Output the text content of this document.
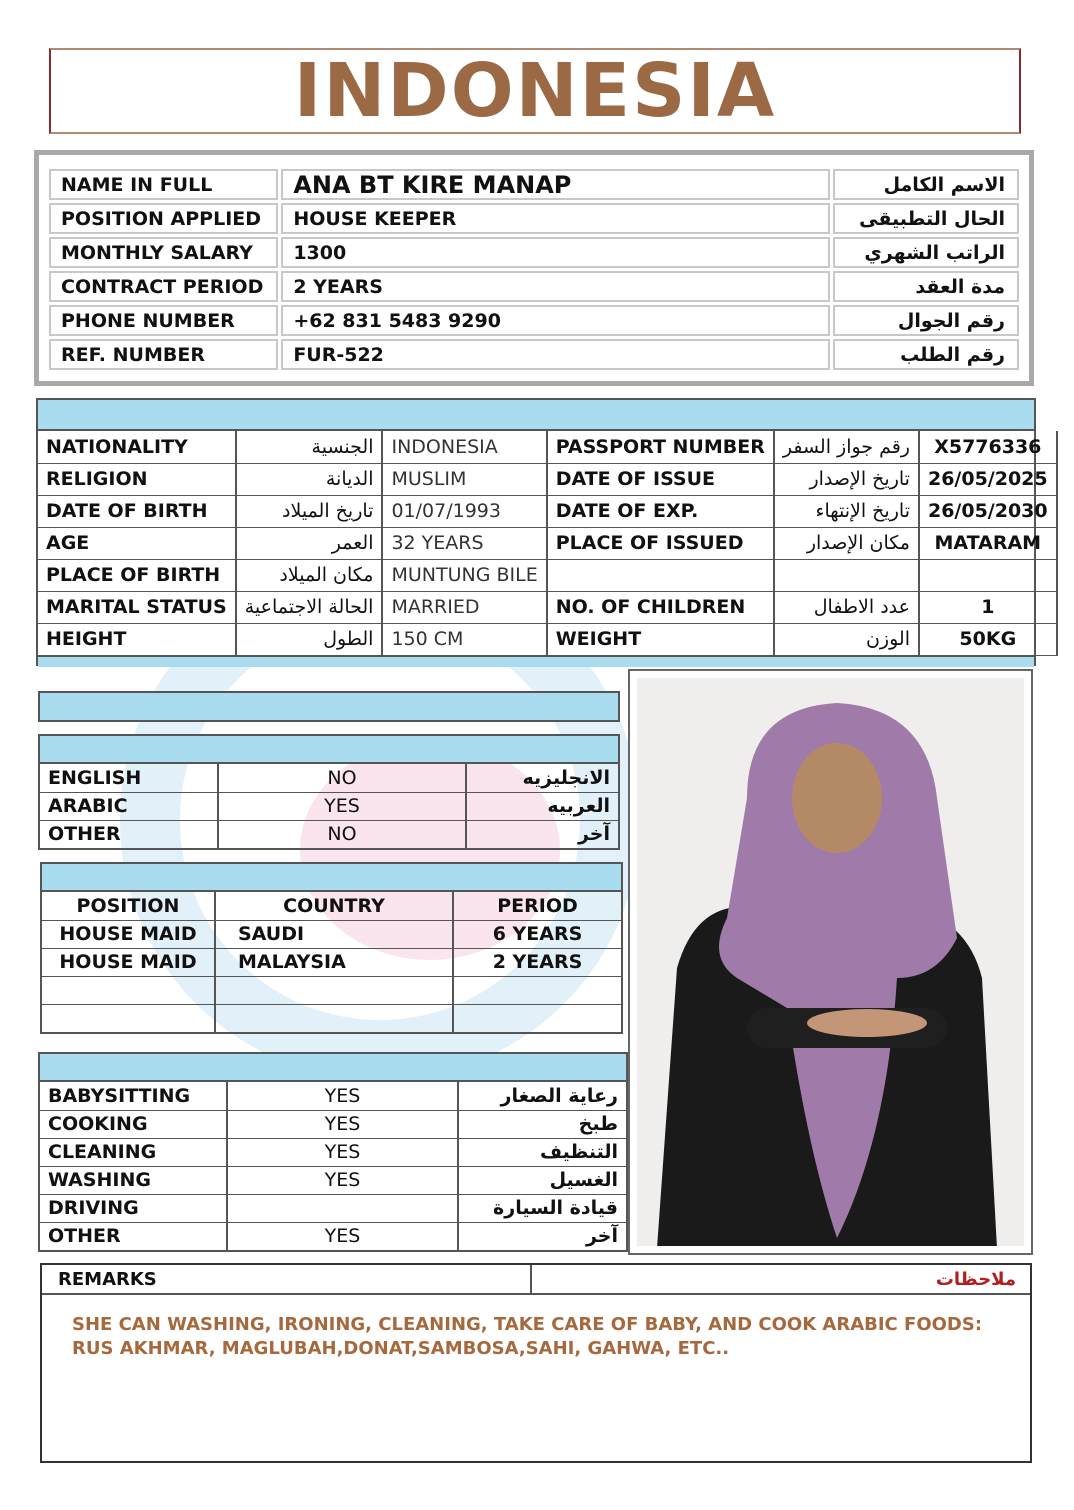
INDONESIA
NAME IN FULL	ANA BT KIRE MANAP	الاسم الكامل
POSITION APPLIED	HOUSE KEEPER	الحال التطبيقى
MONTHLY SALARY	1300	الراتب الشهري
CONTRACT PERIOD	2 YEARS	مدة العقد
PHONE NUMBER	+62 831 5483 9290	رقم الجوال
REF. NUMBER	FUR-522	رقم الطلب
NATIONALITY	الجنسية	INDONESIA	PASSPORT NUMBER	رقم جواز السفر	X5776336
RELIGION	الديانة	MUSLIM	DATE OF ISSUE	تاريخ الإصدار	26/05/2025
DATE OF BIRTH	تاريخ الميلاد	01/07/1993	DATE OF EXP.	تاريخ الإنتهاء	26/05/2030
AGE	العمر	32 YEARS	PLACE OF ISSUED	مكان الإصدار	MATARAM
PLACE OF BIRTH	مكان الميلاد	MUNTUNG BILE			
MARITAL STATUS	الحالة الاجتماعية	MARRIED	NO. OF CHILDREN	عدد الاطفال	1
HEIGHT	الطول	150 CM	WEIGHT	الوزن	50KG
ENGLISH	NO	الانجليزيه
ARABIC	YES	العربيه
OTHER	NO	آخر
POSITION	COUNTRY	PERIOD
HOUSE MAID	SAUDI	6 YEARS
HOUSE MAID	MALAYSIA	2 YEARS

BABYSITTING	YES	رعاية الصغار
COOKING	YES	طبخ
CLEANING	YES	التنظيف
WASHING	YES	الغسيل
DRIVING		قيادة السيارة
OTHER	YES	آخر
REMARKS	ملاحظات
SHE CAN WASHING, IRONING, CLEANING, TAKE CARE OF BABY, AND COOK ARABIC FOODS:
RUS AKHMAR, MAGLUBAH,DONAT,SAMBOSA,SAHI, GAHWA, ETC..
